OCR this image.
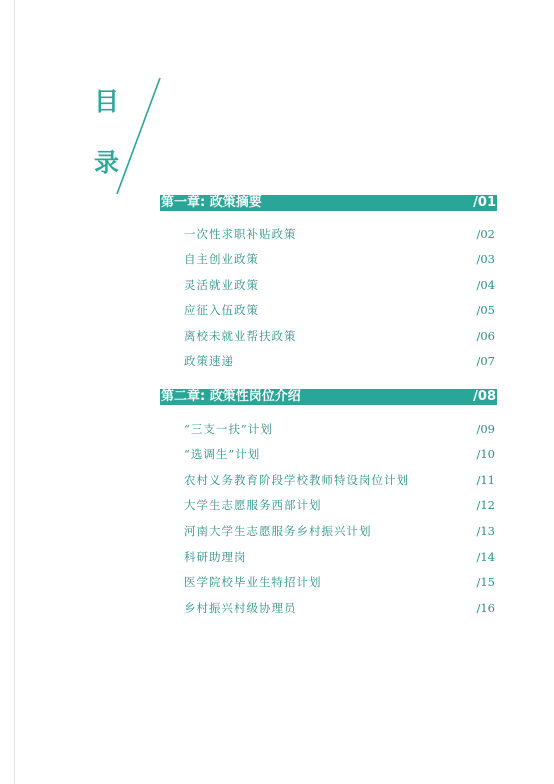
目
录
第一章: 政策摘要	/01
一次性求职补贴政策	/02
自主创业政策	/03
灵活就业政策	/04
应征入伍政策	/05
离校未就业帮扶政策	/06
政策速递	/07
第二章: 政策性岗位介绍	/08
“三支一扶”计划	/09
“选调生”计划	/10
农村义务教育阶段学校教师特设岗位计划	/11
大学生志愿服务西部计划	/12
河南大学生志愿服务乡村振兴计划	/13
科研助理岗	/14
医学院校毕业生特招计划	/15
乡村振兴村级协理员	/16
